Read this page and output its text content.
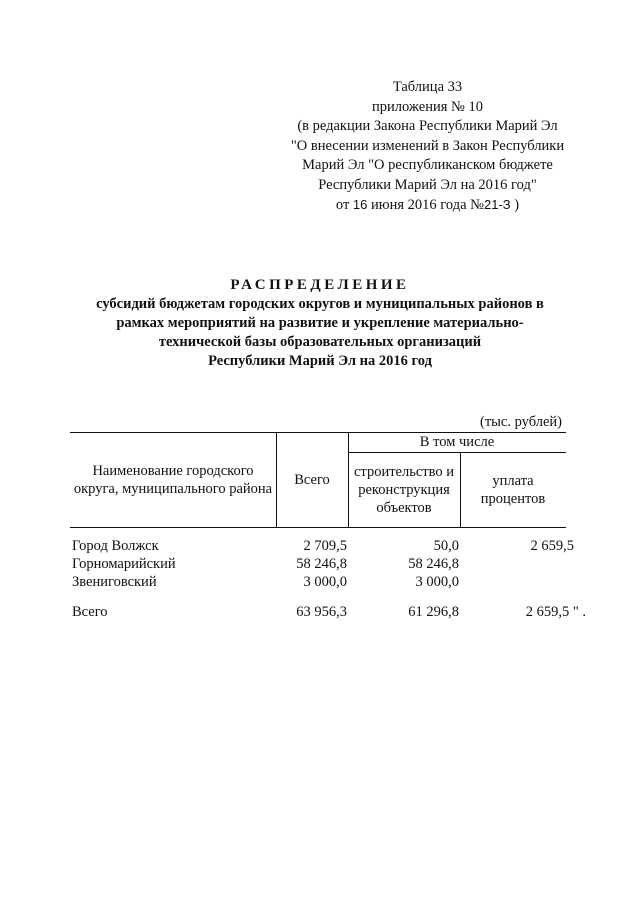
Таблица 33
приложения № 10
(в редакции Закона Республики Марий Эл
"О внесении изменений в Закон Республики
Марий Эл "О республиканском бюджете
Республики Марий Эл на 2016 год"
от 16 июня 2016 года №21-З )
РАСПРЕДЕЛЕНИЕ
субсидий бюджетам городских округов и муниципальных районов в
рамках мероприятий на развитие и укрепление материально-
технической базы образовательных организаций
Республики Марий Эл на 2016 год
(тыс. рублей)
Наименование городского округа, муниципального района
Всего
В том числе
строительство и реконструкция объектов
уплата процентов
Город Волжск	2 709,5	50,0	2 659,5
Горномарийский	58 246,8	58 246,8
Звениговский	3 000,0	3 000,0
Всего	63 956,3	61 296,8	2 659,5 " .
